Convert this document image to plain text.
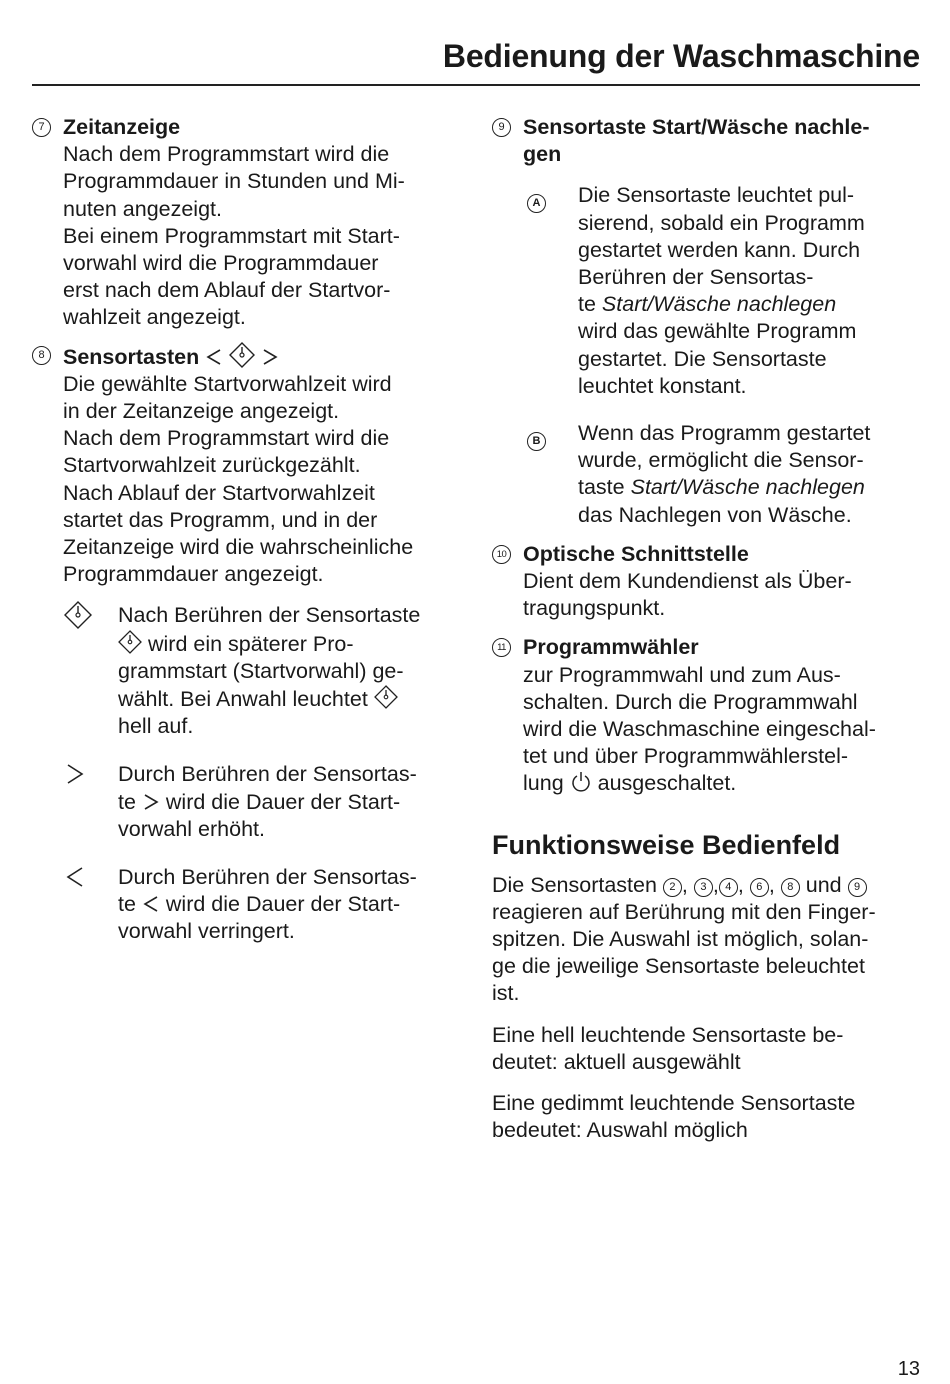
Bedienung der Waschmaschine
7 Zeitanzeige
Nach dem Programmstart wird die
Programmdauer in Stunden und Mi-
nuten angezeigt.
Bei einem Programmstart mit Start-
vorwahl wird die Programmdauer
erst nach dem Ablauf der Startvor-
wahlzeit angezeigt.
8 Sensortasten
Die gewählte Startvorwahlzeit wird
in der Zeitanzeige angezeigt.
Nach dem Programmstart wird die
Startvorwahlzeit zurückgezählt.
Nach Ablauf der Startvorwahlzeit
startet das Programm, und in der
Zeitanzeige wird die wahrscheinliche
Programmdauer angezeigt.
Nach Berühren der Sensortaste
wird ein späterer Pro-
grammstart (Startvorwahl) ge-
wählt. Bei Anwahl leuchtet
hell auf.
Durch Berühren der Sensortas-
te wird die Dauer der Start-
vorwahl erhöht.
Durch Berühren der Sensortas-
te wird die Dauer der Start-
vorwahl verringert.
9 Sensortaste Start/Wäsche nachle-
gen
A Die Sensortaste leuchtet pul-
sierend, sobald ein Programm
gestartet werden kann. Durch
Berühren der Sensortas-
te Start/Wäsche nachlegen
wird das gewählte Programm
gestartet. Die Sensortaste
leuchtet konstant.
B Wenn das Programm gestartet
wurde, ermöglicht die Sensor-
taste Start/Wäsche nachlegen
das Nachlegen von Wäsche.
10 Optische Schnittstelle
Dient dem Kundendienst als Über-
tragungspunkt.
11 Programmwähler
zur Programmwahl und zum Aus-
schalten. Durch die Programmwahl
wird die Waschmaschine eingeschal-
tet und über Programmwählerstel-
lung ausgeschaltet.
Funktionsweise Bedienfeld
Die Sensortasten 2 , 3 , 4 , 6 , 8 und 9
reagieren auf Berührung mit den Finger-
spitzen. Die Auswahl ist möglich, solan-
ge die jeweilige Sensortaste beleuchtet
ist.
Eine hell leuchtende Sensortaste be-
deutet: aktuell ausgewählt
Eine gedimmt leuchtende Sensortaste
bedeutet: Auswahl möglich
13
